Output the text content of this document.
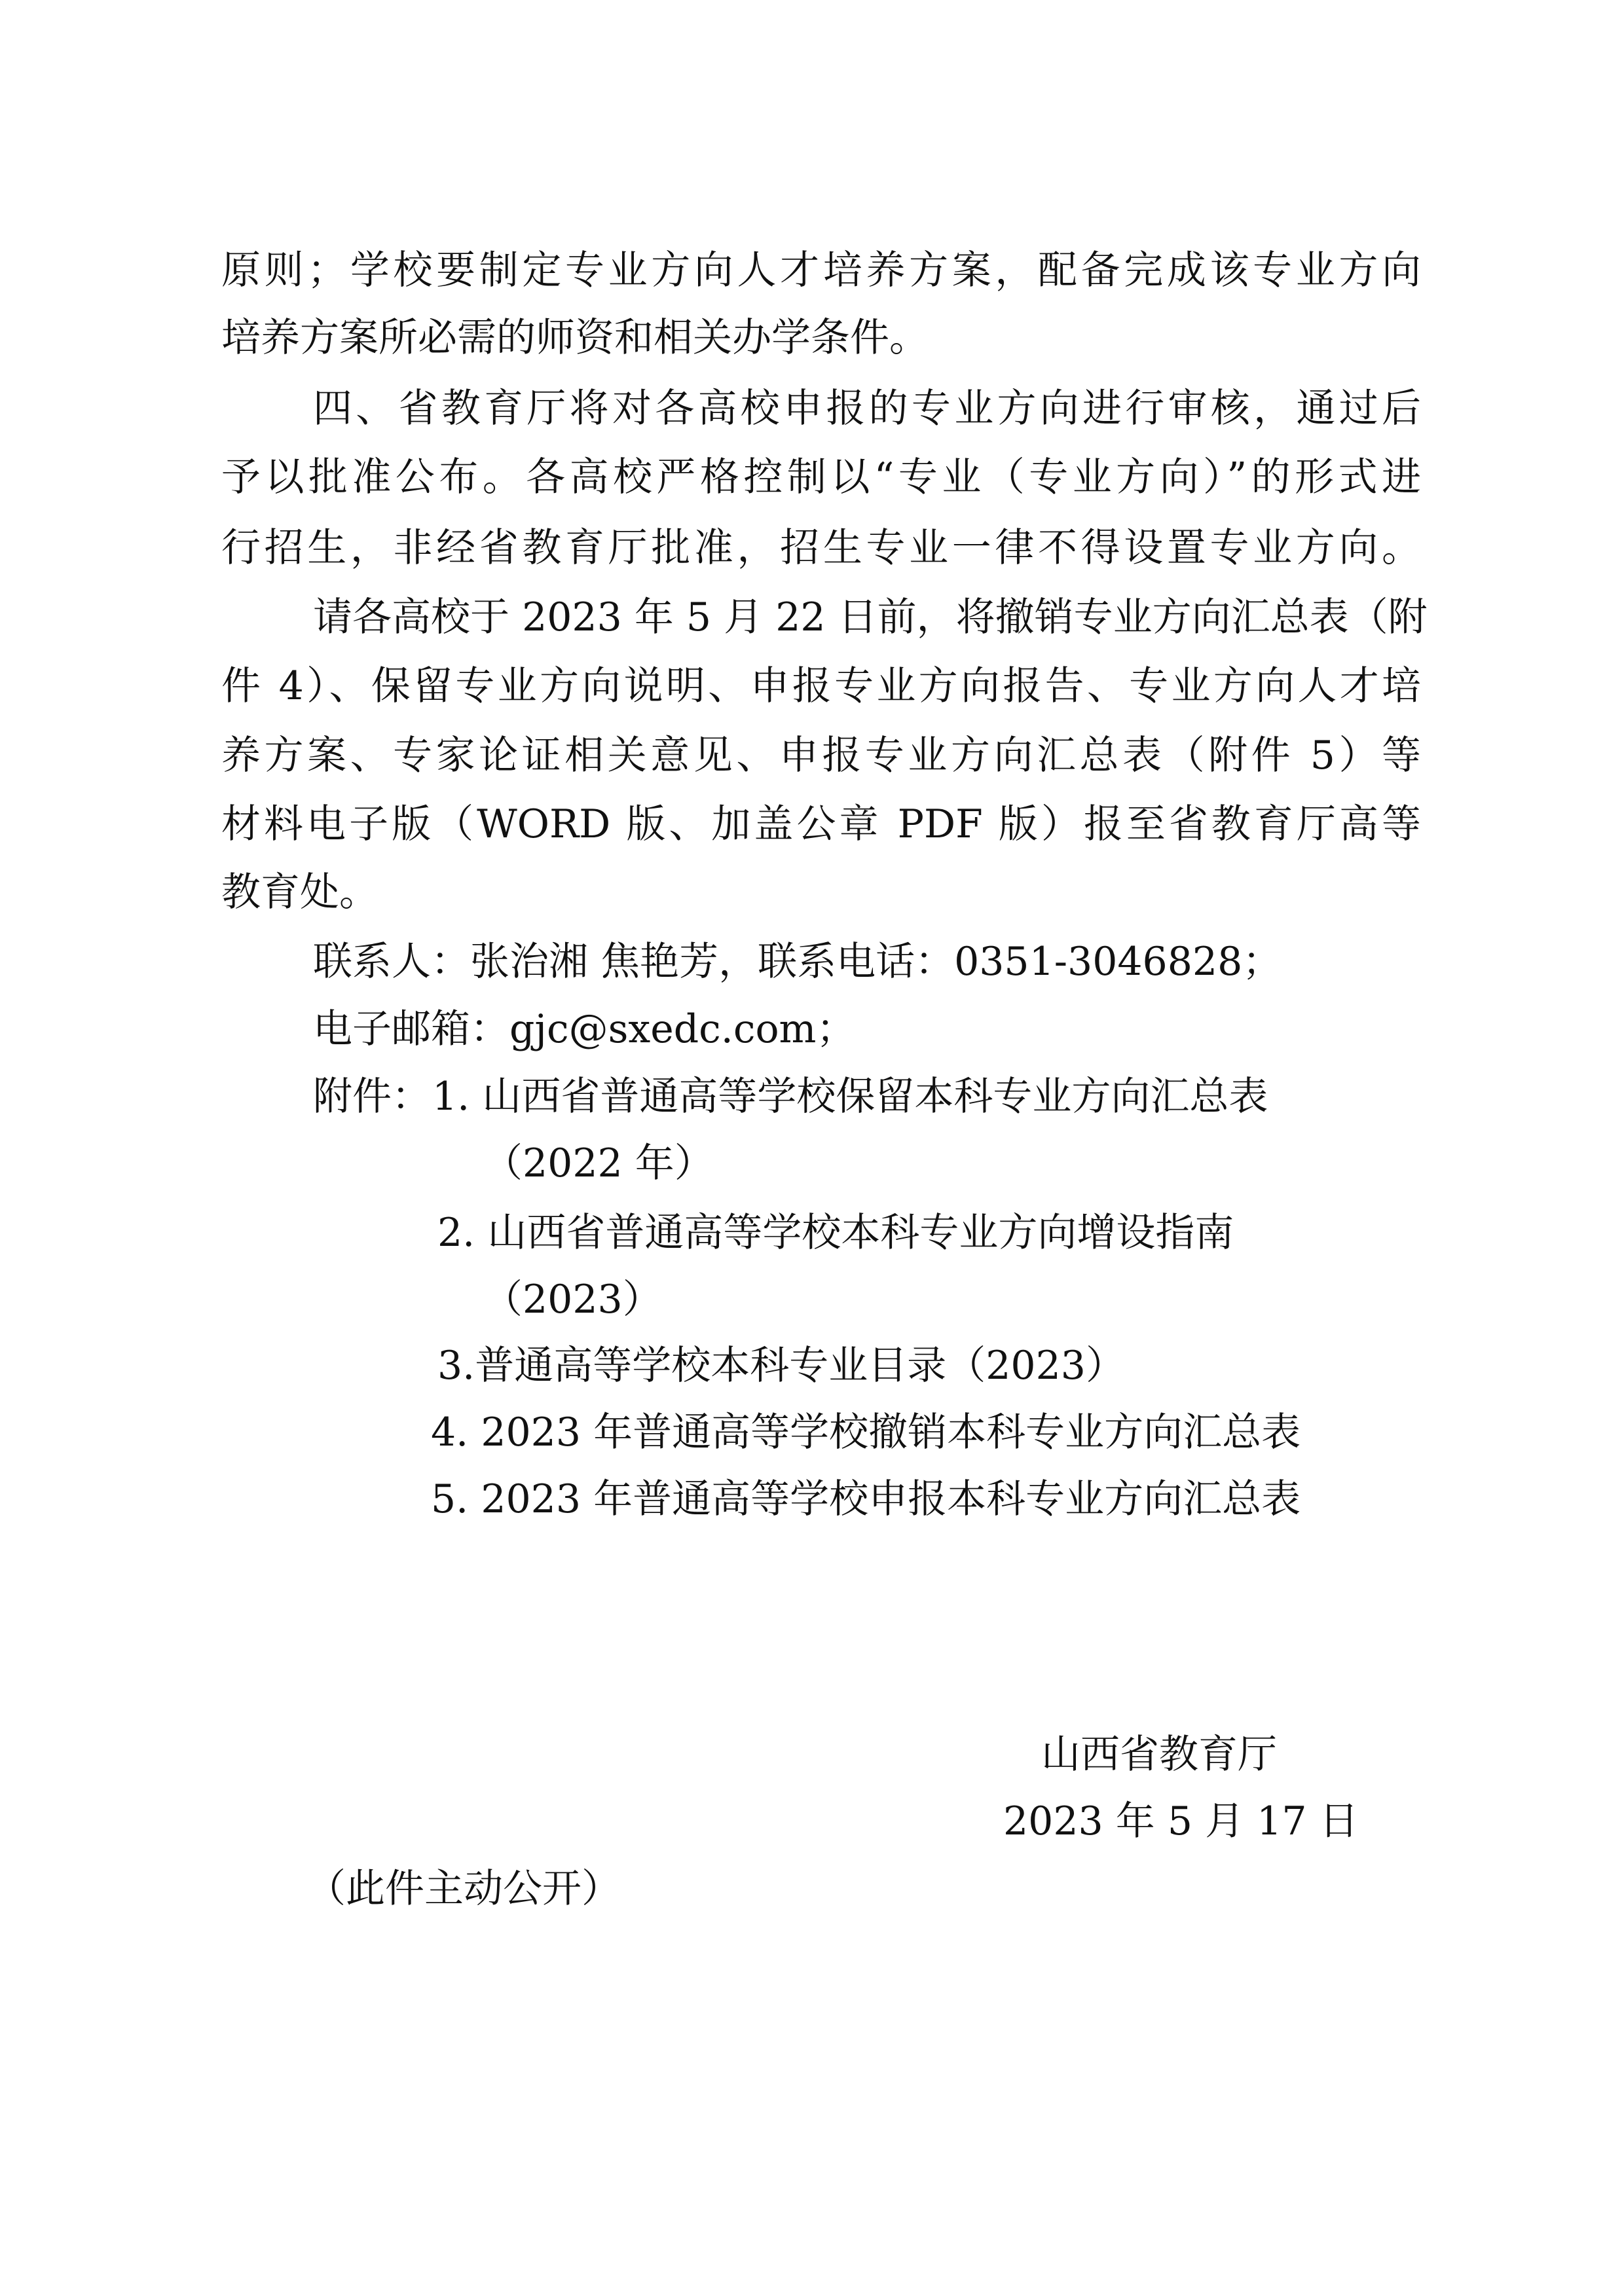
原则；学校要制定专业方向人才培养方案，配备完成该专业方向

培养方案所必需的师资和相关办学条件。

四、省教育厅将对各高校申报的专业方向进行审核，通过后

予以批准公布。各高校严格控制以“专业（专业方向）”的形式进

行招生，非经省教育厅批准，招生专业一律不得设置专业方向。

请各高校于 2023 年 5 月 22 日前，将撤销专业方向汇总表（附

件 4）、保留专业方向说明、申报专业方向报告、专业方向人才培

养方案、专家论证相关意见、申报专业方向汇总表（附件 5）等

材料电子版（WORD 版、加盖公章 PDF 版）报至省教育厅高等

教育处。

联系人：张治湘 焦艳芳，联系电话：0351-3046828；

电子邮箱：gjc@sxedc.com；

附件： 1. 山西省普通高等学校保留本科专业方向汇总表

（2022 年）

2. 山西省普通高等学校本科专业方向增设指南

（2023）

3.普通高等学校本科专业目录（2023）

4. 2023 年普通高等学校撤销本科专业方向汇总表

5. 2023 年普通高等学校申报本科专业方向汇总表

山西省教育厅

2023 年 5 月 17 日

（此件主动公开）
